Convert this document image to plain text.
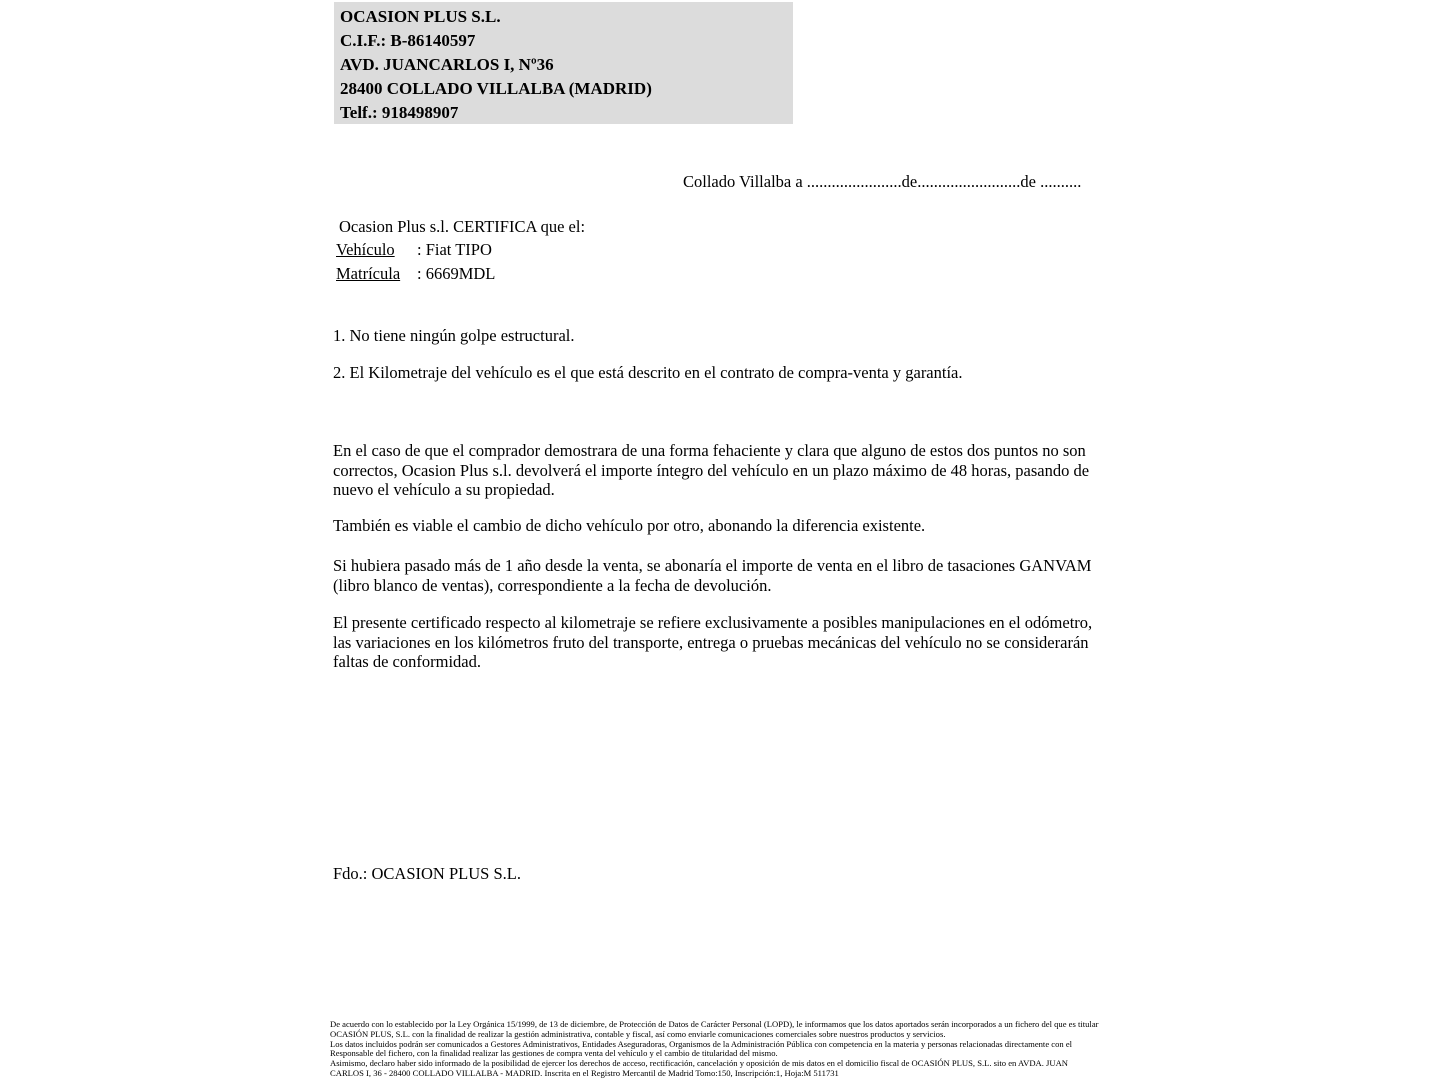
OCASION PLUS S.L.
C.I.F.: B-86140597
AVD. JUANCARLOS I, Nº36
28400 COLLADO VILLALBA (MADRID)
Telf.: 918498907
Collado Villalba a .......................de.........................de ..........
Ocasion Plus s.l. CERTIFICA que el:
Vehículo : Fiat TIPO
Matrícula : 6669MDL
1. No tiene ningún golpe estructural.
2. El Kilometraje del vehículo es el que está descrito en el contrato de compra-venta y garantía.
En el caso de que el comprador demostrara de una forma fehaciente y clara que alguno de estos dos puntos no son correctos, Ocasion Plus s.l. devolverá el importe íntegro del vehículo en un plazo máximo de 48 horas, pasando de nuevo el vehículo a su propiedad.
También es viable el cambio de dicho vehículo por otro, abonando la diferencia existente.
Si hubiera pasado más de 1 año desde la venta, se abonaría el importe de venta en el libro de tasaciones GANVAM (libro blanco de ventas), correspondiente a la fecha de devolución.
El presente certificado respecto al kilometraje se refiere exclusivamente a posibles manipulaciones en el odómetro, las variaciones en los kilómetros fruto del transporte, entrega o pruebas mecánicas del vehículo no se considerarán faltas de conformidad.
Fdo.: OCASION PLUS S.L.

De acuerdo con lo establecido por la Ley Orgánica 15/1999, de 13 de diciembre, de Protección de Datos de Carácter Personal (LOPD), le informamos que los datos aportados serán incorporados a un fichero del que es titular OCASIÓN PLUS, S.L. con la finalidad de realizar la gestión administrativa, contable y fiscal, así como enviarle comunicaciones comerciales sobre nuestros productos y servicios.

Los datos incluidos podrán ser comunicados a Gestores Administrativos, Entidades Aseguradoras, Organismos de la Administración Pública con competencia en la materia y personas relacionadas directamente con el Responsable del fichero, con la finalidad realizar las gestiones de compra venta del vehículo y el cambio de titularidad del mismo.

Asimismo, declaro haber sido informado de la posibilidad de ejercer los derechos de acceso, rectificación, cancelación y oposición de mis datos en el domicilio fiscal de OCASIÓN PLUS, S.L. sito en AVDA. JUAN CARLOS I, 36 - 28400 COLLADO VILLALBA - MADRID. Inscrita en el Registro Mercantil de Madrid Tomo:150, Inscripción:1, Hoja:M 511731
